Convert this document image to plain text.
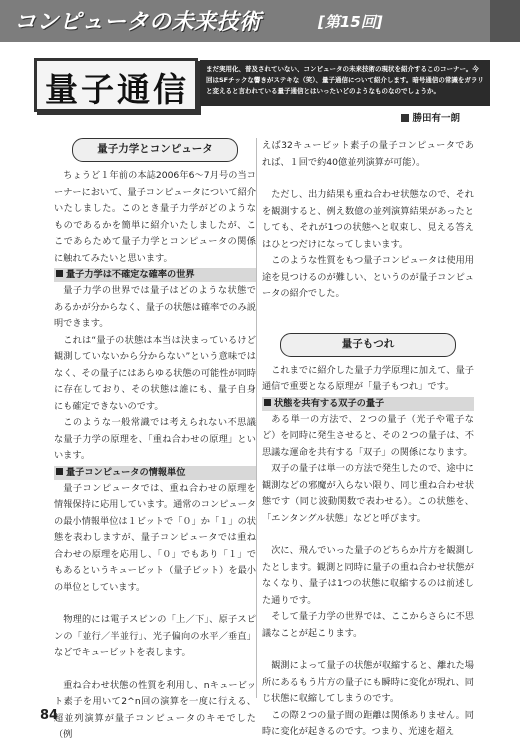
コンピュータの未来技術	[第15回]
量子通信
まだ実用化、普及されていない、コンピュータの未来技術の現状を紹介するこのコーナー。今回はSFチックな響きがステキな（笑）、量子通信について紹介します。暗号通信の常識をガラリと変えると言われている量子通信とはいったいどのようなものなのでしょうか。
勝田有一朗
量子力学とコンピュータ

ちょうど１年前の本誌2006年6～7月号の当コーナーにおいて、量子コンピュータについて紹介いたしました。このとき量子力学がどのようなものであるかを簡単に紹介いたしましたが、ここであらためて量子力学とコンピュータの関係に触れてみたいと思います。

量子力学は不確定な確率の世界

量子力学の世界では量子はどのような状態であるかが分からなく、量子の状態は確率でのみ説明できます。

これは“量子の状態は本当は決まっているけど観測していないから分からない”という意味ではなく、その量子にはあらゆる状態の可能性が同時に存在しており、その状態は誰にも、量子自身にも確定できないのです。

このような一般常識では考えられない不思議な量子力学の原理を、「重ね合わせの原理」といいます。

量子コンピュータの情報単位

量子コンピュータでは、重ね合わせの原理を情報保持に応用しています。通常のコンピュータの最小情報単位は１ビットで「０」か「１」の状態を表わしますが、量子コンピュータでは重ね合わせの原理を応用し、「０」でもあり「１」でもあるというキュービット（量子ビット）を最小の単位としています。

物理的には電子スピンの「上／下」、原子スピンの「並行／半並行」、光子偏向の水平／垂直」などでキュービットを表します。

重ね合わせ状態の性質を利用し、nキュービット素子を用いて2^n回の演算を一度に行える、超並列演算が量子コンピュータのキモでした（例

えば32キュービット素子の量子コンピュータであれば、１回で約40億並列演算が可能）。

ただし、出力結果も重ね合わせ状態なので、それを観測すると、例え数億の並列演算結果があったとしても、それが1つの状態へと収束し、見える答えはひとつだけになってしまいます。

このような性質をもつ量子コンピュータは使用用途を見つけるのが難しい、というのが量子コンピュータの紹介でした。

量子もつれ

これまでに紹介した量子力学原理に加えて、量子通信で重要となる原理が「量子もつれ」です。

状態を共有する双子の量子

ある単一の方法で、２つの量子（光子や電子など）を同時に発生させると、その２つの量子は、不思議な運命を共有する「双子」の関係になります。

双子の量子は単一の方法で発生したので、途中に観測などの邪魔が入らない限り、同じ重ね合わせ状態です（同じ波動関数で表わせる）。この状態を、「エンタングル状態」などと呼びます。

次に、飛んでいった量子のどちらか片方を観測したとします。観測と同時に量子の重ね合わせ状態がなくなり、量子は1つの状態に収縮するのは前述した通りです。

そして量子力学の世界では、ここからさらに不思議なことが起こります。

観測によって量子の状態が収縮すると、離れた場所にあるもう片方の量子にも瞬時に変化が現れ、同じ状態に収縮してしまうのです。

この際２つの量子間の距離は関係ありません。同時に変化が起きるのです。つまり、光速を超え

84
